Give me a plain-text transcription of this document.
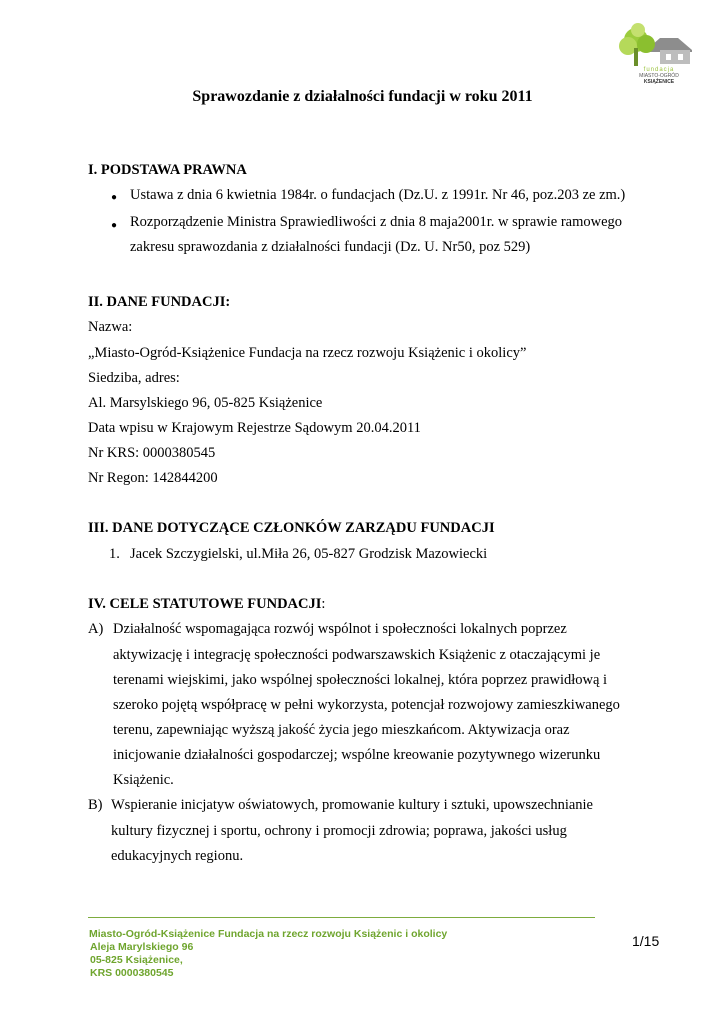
fundacja
MIASTO-OGRÓD
KSIĄŻENICE
Sprawozdanie z działalności fundacji w roku 2011
I. PODSTAWA PRAWNA
● Ustawa z dnia 6 kwietnia 1984r. o fundacjach (Dz.U. z 1991r. Nr 46, poz.203 ze zm.)
● Rozporządzenie Ministra Sprawiedliwości z dnia 8 maja2001r. w sprawie ramowego
zakresu sprawozdania z działalności fundacji (Dz. U. Nr50, poz 529)
II. DANE FUNDACJI:
Nazwa:
„Miasto-Ogród-Książenice Fundacja na rzecz rozwoju Książenic i okolicy”
Siedziba, adres:
Al. Marsylskiego 96, 05-825 Książenice
Data wpisu w Krajowym Rejestrze Sądowym 20.04.2011
Nr KRS: 0000380545
Nr Regon: 142844200
III. DANE DOTYCZĄCE CZŁONKÓW ZARZĄDU FUNDACJI
1. Jacek Szczygielski, ul.Miła 26, 05-827 Grodzisk Mazowiecki
IV. CELE STATUTOWE FUNDACJI:
A) Działalność wspomagająca rozwój wspólnot i społeczności lokalnych poprzez
aktywizację i integrację społeczności podwarszawskich Książenic z otaczającymi je
terenami wiejskimi, jako wspólnej społeczności lokalnej, która poprzez prawidłową i
szeroko pojętą współpracę w pełni wykorzysta, potencjał rozwojowy zamieszkiwanego
terenu, zapewniając wyższą jakość życia jego mieszkańcom. Aktywizacja oraz
inicjowanie działalności gospodarczej; wspólne kreowanie pozytywnego wizerunku
Książenic.
B) Wspieranie inicjatyw oświatowych, promowanie kultury i sztuki, upowszechnianie
kultury fizycznej i sportu, ochrony i promocji zdrowia; poprawa, jakości usług
edukacyjnych regionu.
Miasto-Ogród-Książenice Fundacja na rzecz rozwoju Książenic i okolicy
Aleja Marylskiego 96
05-825 Książenice,
KRS 0000380545
1/15
